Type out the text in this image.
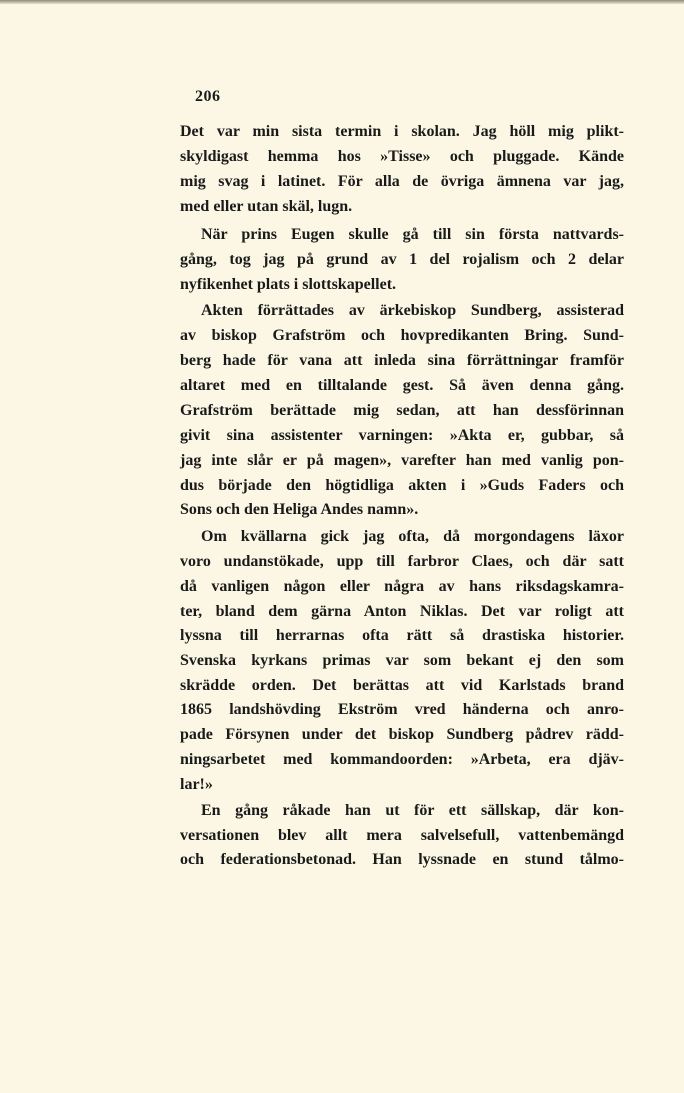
206
Det var min sista termin i skolan. Jag höll mig plikt-
skyldigast hemma hos »Tisse» och pluggade. Kände
mig svag i latinet. För alla de övriga ämnena var jag,
med eller utan skäl, lugn.
När prins Eugen skulle gå till sin första nattvards-
gång, tog jag på grund av 1 del rojalism och 2 delar
nyfikenhet plats i slottskapellet.
Akten förrättades av ärkebiskop Sundberg, assisterad
av biskop Grafström och hovpredikanten Bring. Sund-
berg hade för vana att inleda sina förrättningar framför
altaret med en tilltalande gest. Så även denna gång.
Grafström berättade mig sedan, att han dessförinnan
givit sina assistenter varningen: »Akta er, gubbar, så
jag inte slår er på magen», varefter han med vanlig pon-
dus började den högtidliga akten i »Guds Faders och
Sons och den Heliga Andes namn».
Om kvällarna gick jag ofta, då morgondagens läxor
voro undanstökade, upp till farbror Claes, och där satt
då vanligen någon eller några av hans riksdagskamra-
ter, bland dem gärna Anton Niklas. Det var roligt att
lyssna till herrarnas ofta rätt så drastiska historier.
Svenska kyrkans primas var som bekant ej den som
skrädde orden. Det berättas att vid Karlstads brand
1865 landshövding Ekström vred händerna och anro-
pade Försynen under det biskop Sundberg pådrev rädd-
ningsarbetet med kommandoorden: »Arbeta, era djäv-
lar!»
En gång råkade han ut för ett sällskap, där kon-
versationen blev allt mera salvelsefull, vattenbemängd
och federationsbetonad. Han lyssnade en stund tålmo-
